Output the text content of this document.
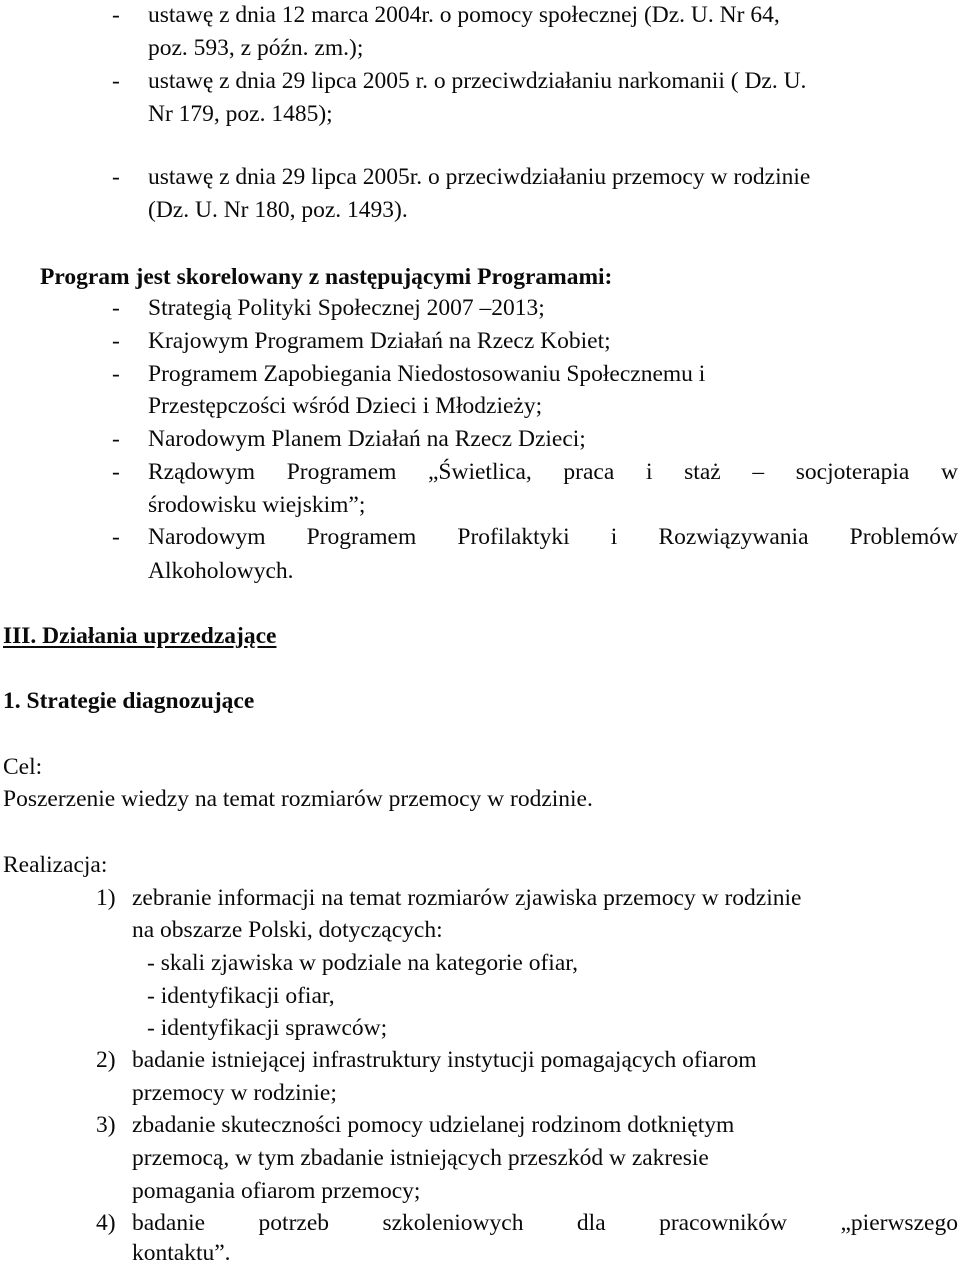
- ustawę z dnia 12 marca 2004r. o pomocy społecznej (Dz. U. Nr 64,
poz. 593, z późn. zm.);
- ustawę z dnia 29 lipca 2005 r. o przeciwdziałaniu narkomanii ( Dz. U.
Nr 179, poz. 1485);
- ustawę z dnia 29 lipca 2005r. o przeciwdziałaniu przemocy w rodzinie
(Dz. U. Nr 180, poz. 1493).
Program jest skorelowany z następującymi Programami:
- Strategią Polityki Społecznej 2007 –2013;
- Krajowym Programem Działań na Rzecz Kobiet;
- Programem Zapobiegania Niedostosowaniu Społecznemu i
Przestępczości wśród Dzieci i Młodzieży;
- Narodowym Planem Działań na Rzecz Dzieci;
- Rządowym Programem „Świetlica, praca i staż – socjoterapia w
środowisku wiejskim”;
- Narodowym Programem Profilaktyki i Rozwiązywania Problemów
Alkoholowych.
III. Działania uprzedzające
1. Strategie diagnozujące
Cel:
Poszerzenie wiedzy na temat rozmiarów przemocy w rodzinie.
Realizacja:
1) zebranie informacji na temat rozmiarów zjawiska przemocy w rodzinie
na obszarze Polski, dotyczących:
- skali zjawiska w podziale na kategorie ofiar,
- identyfikacji ofiar,
- identyfikacji sprawców;
2) badanie istniejącej infrastruktury instytucji pomagających ofiarom
przemocy w rodzinie;
3) zbadanie skuteczności pomocy udzielanej rodzinom dotkniętym
przemocą, w tym zbadanie istniejących przeszkód w zakresie
pomagania ofiarom przemocy;
4) badanie potrzeb szkoleniowych dla pracowników „pierwszego
kontaktu”.
